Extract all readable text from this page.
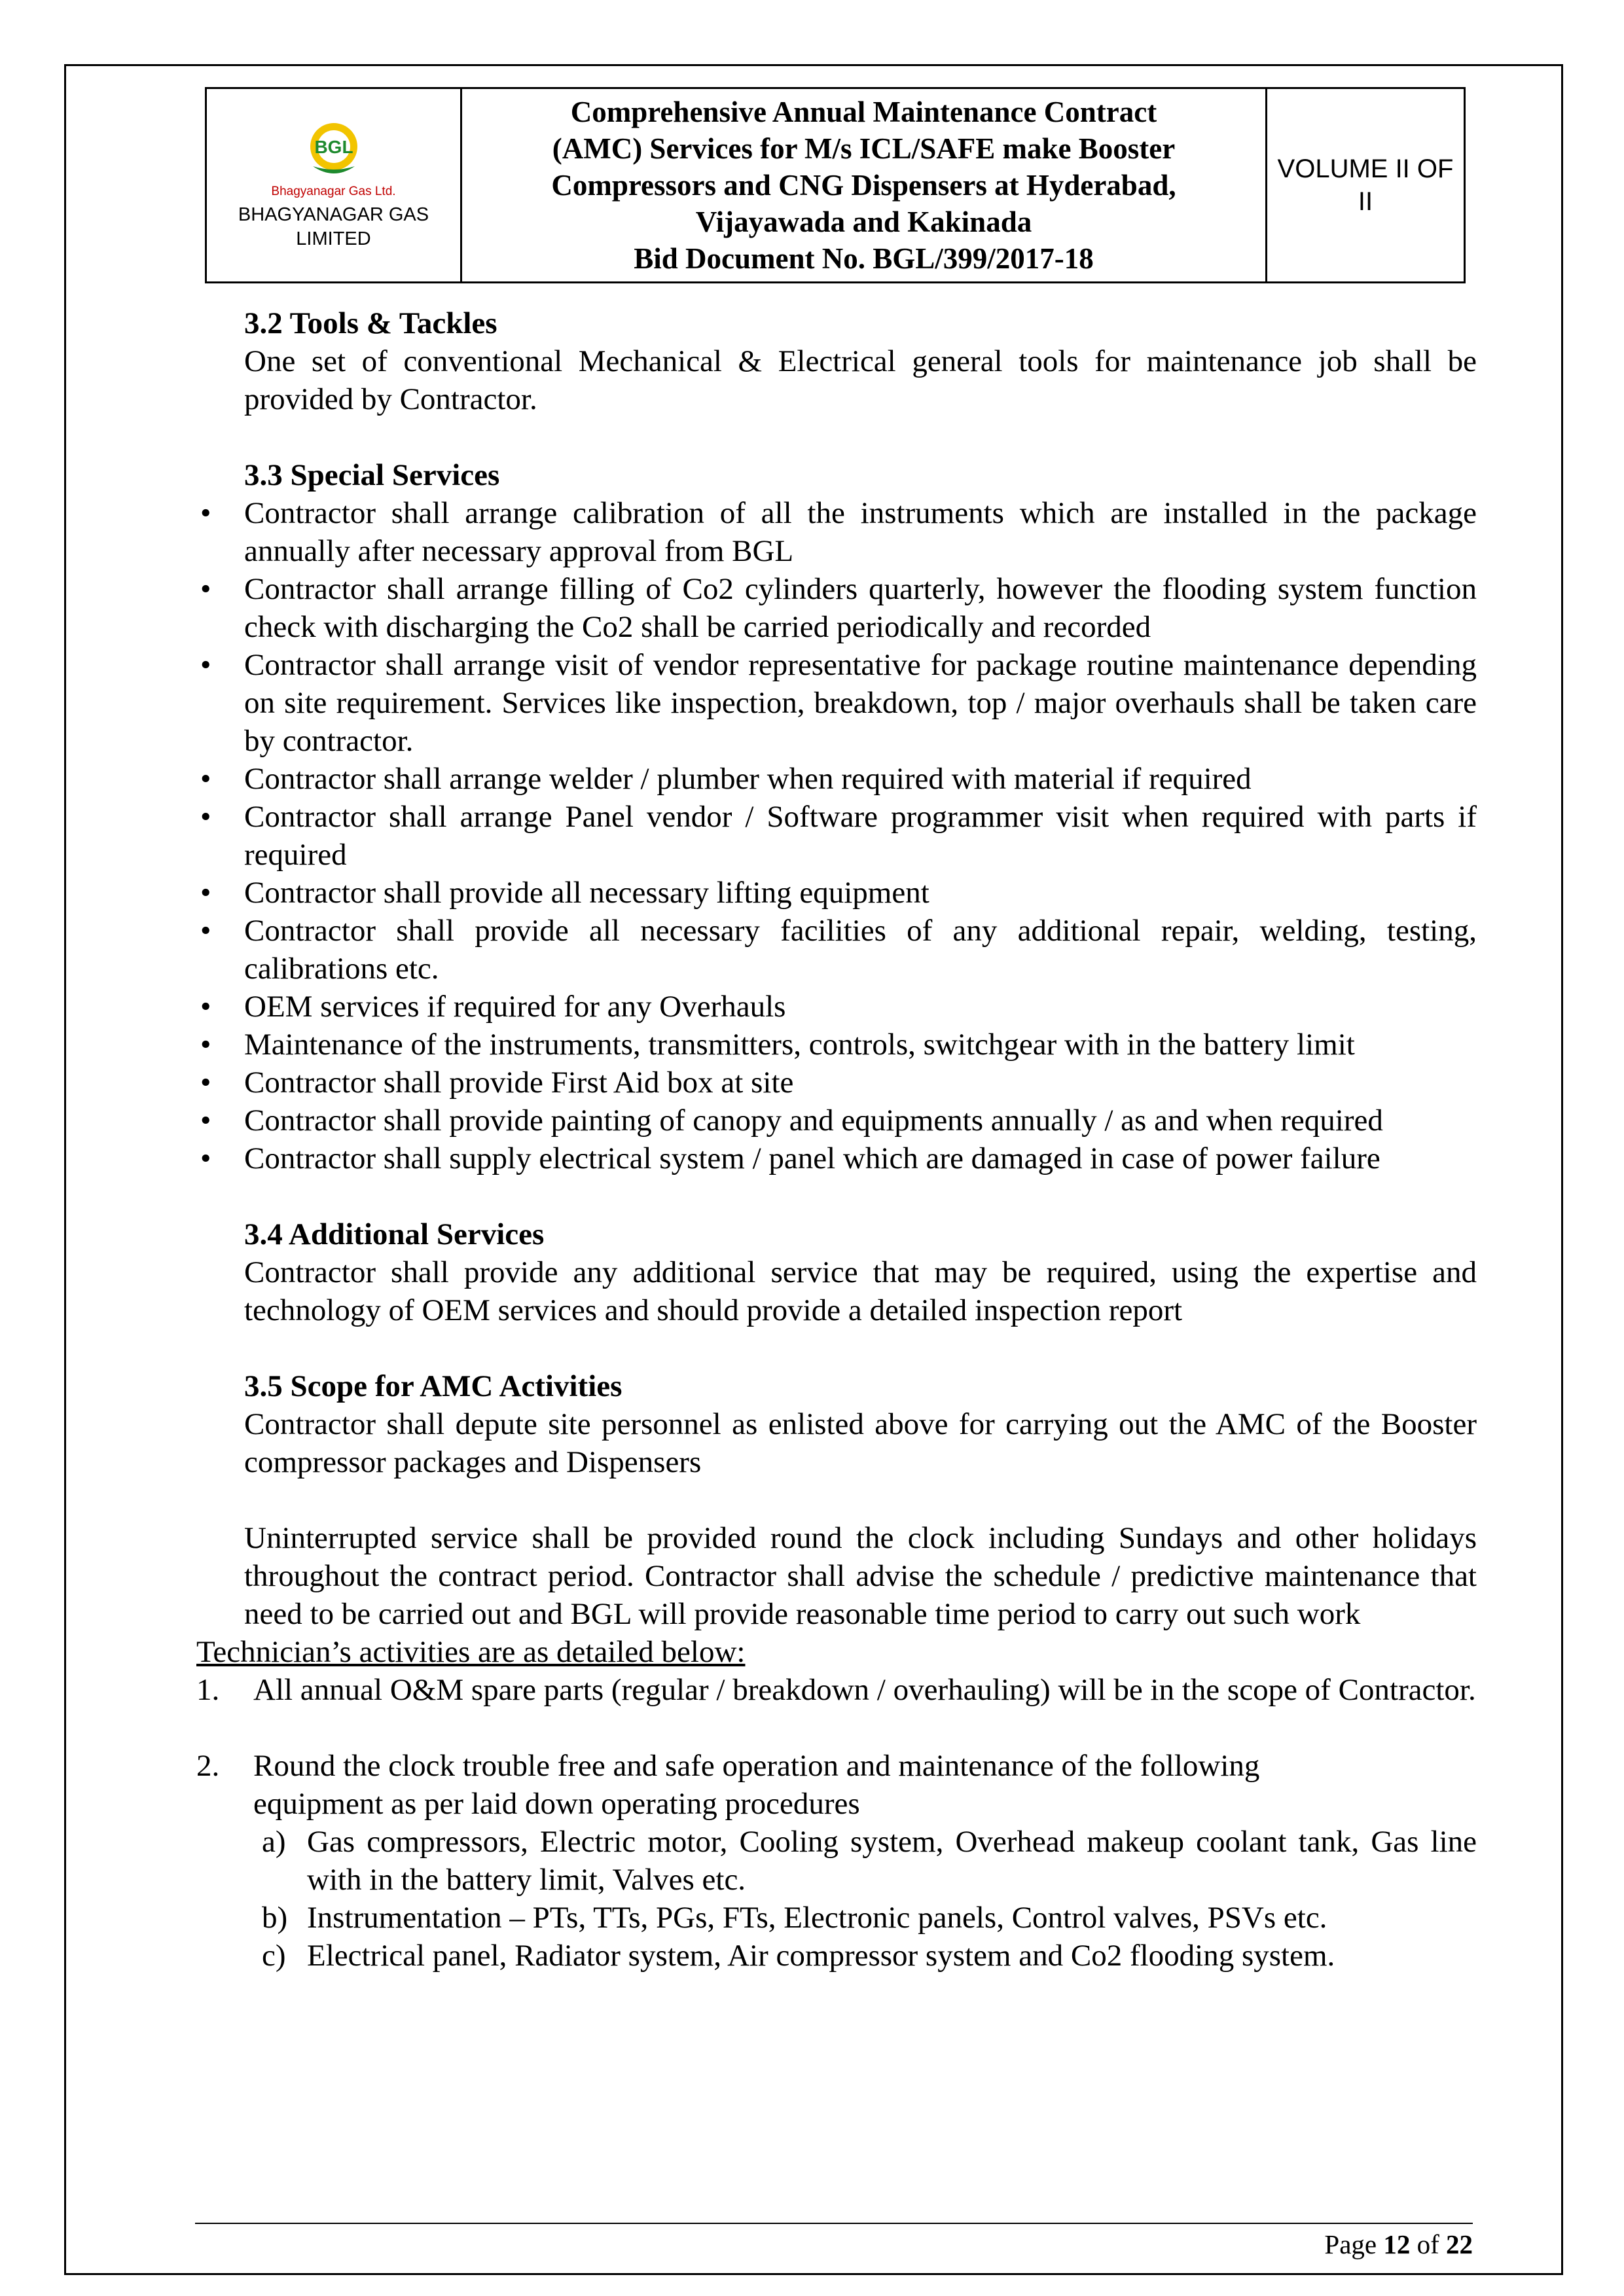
BGL
Bhagyanagar Gas Ltd.
BHAGYANAGAR GAS LIMITED
Comprehensive Annual Maintenance Contract
(AMC) Services for M/s ICL/SAFE make Booster
Compressors and CNG Dispensers at Hyderabad,
Vijayawada and Kakinada
Bid Document No. BGL/399/2017-18
VOLUME II OF II
3.2 Tools & Tackles

One set of conventional Mechanical & Electrical general tools for maintenance job shall be provided by Contractor.

3.3 Special Services
• Contractor shall arrange calibration of all the instruments which are installed in the package annually after necessary approval from BGL
• Contractor shall arrange filling of Co2 cylinders quarterly, however the flooding system function check with discharging the Co2 shall be carried periodically and recorded
• Contractor shall arrange visit of vendor representative for package routine maintenance depending on site requirement. Services like inspection, breakdown, top / major overhauls shall be taken care by contractor.
• Contractor shall arrange welder / plumber when required with material if required
• Contractor shall arrange Panel vendor / Software programmer visit when required with parts if required
• Contractor shall provide all necessary lifting equipment
• Contractor shall provide all necessary facilities of any additional repair, welding, testing, calibrations etc.
• OEM services if required for any Overhauls
• Maintenance of the instruments, transmitters, controls, switchgear with in the battery limit
• Contractor shall provide First Aid box at site
• Contractor shall provide painting of canopy and equipments annually / as and when required
• Contractor shall supply electrical system / panel which are damaged in case of power failure
3.4 Additional Services

Contractor shall provide any additional service that may be required, using the expertise and technology of OEM services and should provide a detailed inspection report

3.5 Scope for AMC Activities

Contractor shall depute site personnel as enlisted above for carrying out the AMC of the Booster compressor packages and Dispensers

Uninterrupted service shall be provided round the clock including Sundays and other holidays throughout the contract period. Contractor shall advise the schedule / predictive maintenance that need to be carried out and BGL will provide reasonable time period to carry out such work

Technician’s activities are as detailed below:
1. All annual O&M spare parts (regular / breakdown / overhauling) will be in the scope of Contractor.
2. Round the clock trouble free and safe operation and maintenance of the following
equipment as per laid down operating procedures
a) Gas compressors, Electric motor, Cooling system, Overhead makeup coolant tank, Gas line with in the battery limit, Valves etc.
b) Instrumentation – PTs, TTs, PGs, FTs, Electronic panels, Control valves, PSVs etc.
c) Electrical panel, Radiator system, Air compressor system and Co2 flooding system.
Page 12 of 22
